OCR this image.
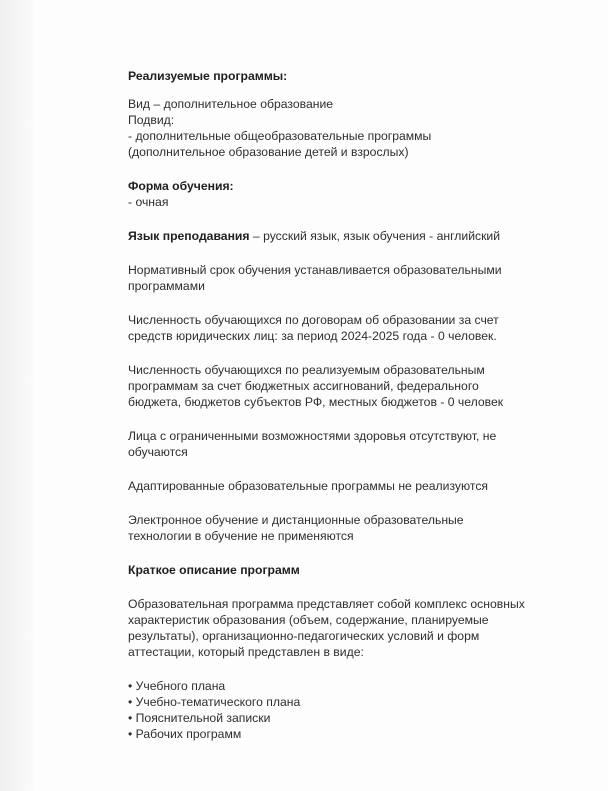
Реализуемые программы:

Вид – дополнительное образование

Подвид:

- дополнительные общеобразовательные программы (дополнительное образование детей и взрослых)

Форма обучения:

- очная

Язык преподавания – русский язык, язык обучения - английский

Нормативный срок обучения устанавливается образовательными программами

Численность обучающихся по договорам об образовании за счет средств юридических лиц: за период 2024-2025 года - 0 человек.

Численность обучающихся по реализуемым образовательным программам за счет бюджетных ассигнований, федерального бюджета, бюджетов субъектов РФ, местных бюджетов - 0 человек

Лица с ограниченными возможностями здоровья отсутствуют, не обучаются

Адаптированные образовательные программы не реализуются

Электронное обучение и дистанционные образовательные технологии в обучение не применяются

Краткое описание программ

Образовательная программа представляет собой комплекс основных характеристик образования (объем, содержание, планируемые результаты), организационно-педагогических условий и форм аттестации, который представлен в виде:

• Учебного плана
• Учебно-тематического плана
• Пояснительной записки
• Рабочих программ
